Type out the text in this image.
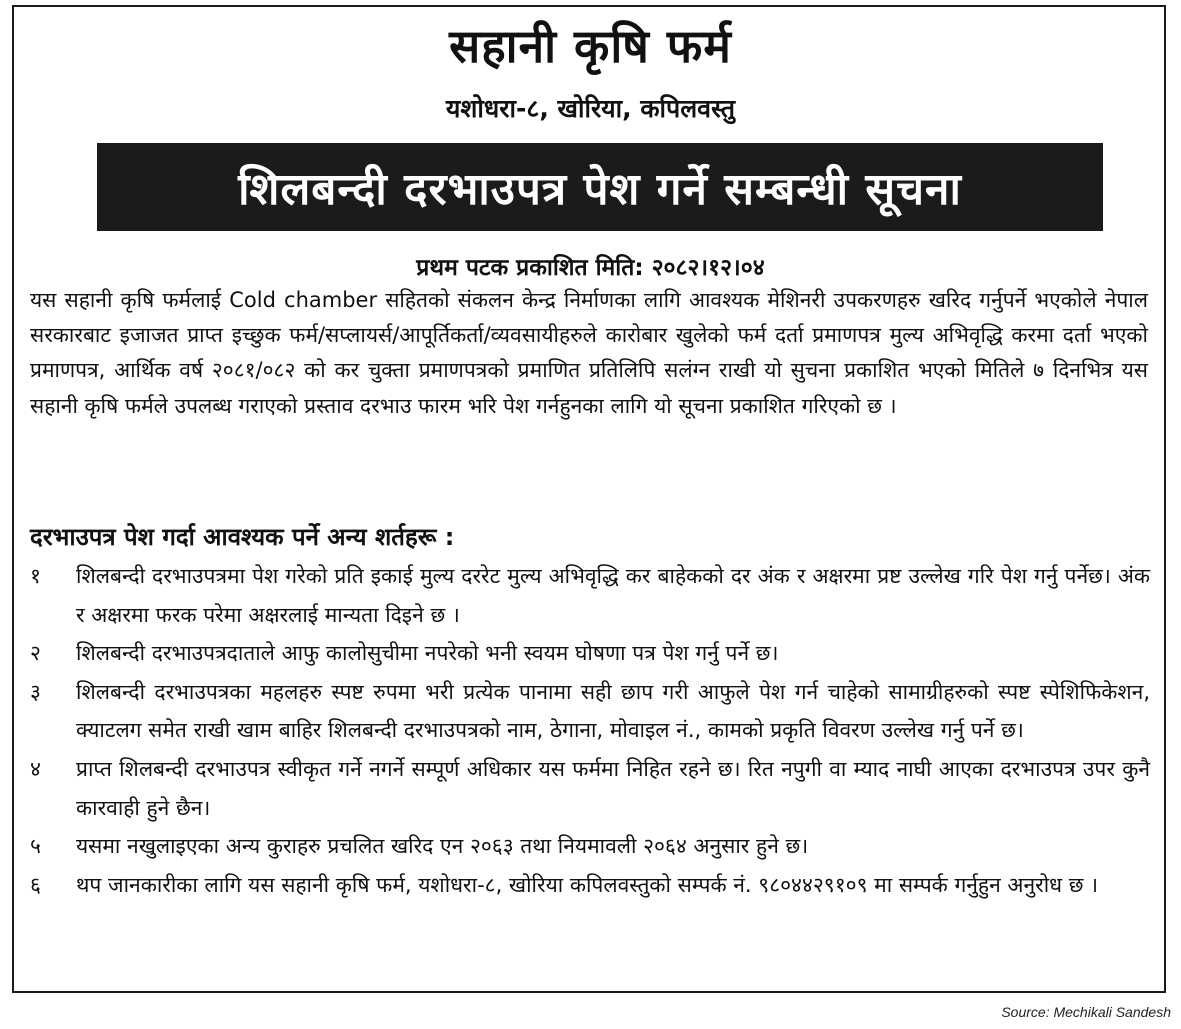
सहानी कृषि फर्म
यशोधरा-८, खोरिया, कपिलवस्तु
शिलबन्दी दरभाउपत्र पेश गर्ने सम्बन्धी सूचना
प्रथम पटक प्रकाशित मिति: २०८२।१२।०४
यस सहानी कृषि फर्मलाई Cold chamber सहितको संकलन केन्द्र निर्माणका लागि आवश्यक मेशिनरी उपकरणहरु खरिद गर्नुपर्ने भएकोले नेपाल सरकारबाट इजाजत प्राप्त इच्छुक फर्म/सप्लायर्स/आपूर्तिकर्ता/व्यवसायीहरुले कारोबार खुलेको फर्म दर्ता प्रमाणपत्र मुल्य अभिवृद्धि करमा दर्ता भएको प्रमाणपत्र, आर्थिक वर्ष २०८१/०८२ को कर चुक्ता प्रमाणपत्रको प्रमाणित प्रतिलिपि सलंग्न राखी यो सुचना प्रकाशित भएको मितिले ७ दिनभित्र यस सहानी कृषि फर्मले उपलब्ध गराएको प्रस्ताव दरभाउ फारम भरि पेश गर्नहुनका लागि यो सूचना प्रकाशित गरिएको छ ।
दरभाउपत्र पेश गर्दा आवश्यक पर्ने अन्य शर्तहरू :
१	शिलबन्दी दरभाउपत्रमा पेश गरेको प्रति इकाई मुल्य दररेट मुल्य अभिवृद्धि कर बाहेकको दर अंक र अक्षरमा प्रष्ट उल्लेख गरि पेश गर्नु पर्नेछ। अंक र अक्षरमा फरक परेमा अक्षरलाई मान्यता दिइने छ ।
२	शिलबन्दी दरभाउपत्रदाताले आफु कालोसुचीमा नपरेको भनी स्वयम घोषणा पत्र पेश गर्नु पर्ने छ।
३	शिलबन्दी दरभाउपत्रका महलहरु स्पष्ट रुपमा भरी प्रत्येक पानामा सही छाप गरी आफुले पेश गर्न चाहेको सामाग्रीहरुको स्पष्ट स्पेशिफिकेशन, क्याटलग समेत राखी खाम बाहिर शिलबन्दी दरभाउपत्रको नाम, ठेगाना, मोवाइल नं., कामको प्रकृति विवरण उल्लेख गर्नु पर्ने छ।
४	प्राप्त शिलबन्दी दरभाउपत्र स्वीकृत गर्ने नगर्ने सम्पूर्ण अधिकार यस फर्ममा निहित रहने छ। रित नपुगी वा म्याद नाघी आएका दरभाउपत्र उपर कुनै कारवाही हुने छैन।
५	यसमा नखुलाइएका अन्य कुराहरु प्रचलित खरिद एन २०६३ तथा नियमावली २०६४ अनुसार हुने छ।
६	थप जानकारीका लागि यस सहानी कृषि फर्म, यशोधरा-८, खोरिया कपिलवस्तुको सम्पर्क नं. ९८०४४२९१०९ मा सम्पर्क गर्नुहुन अनुरोध छ ।
Source: Mechikali Sandesh
